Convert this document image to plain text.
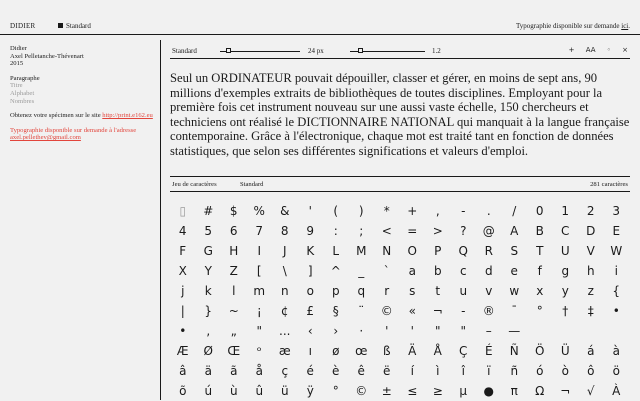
DIDIER	Standard	Typographie disponible sur demande ici.
Didier
Axel Pelletanche-Thévenart
2015
Paragraphe
Titre
Alphabet
Nombres
Obtenez votre spécimen sur le site http://print.e162.eu
Typographie disponible sur demande à l'adresse
axel.pellethev@gmail.com
Standard	24 px	1.2	+ AA ◦ ×
Seul un ORDINATEUR pouvait dépouiller, classer et gérer, en moins de sept ans, 90 millions d'exemples extraits de bibliothèques de toutes disciplines. Employant pour la première fois cet instrument nouveau sur une aussi vaste échelle, 150 chercheurs et techniciens ont réalisé le DICTIONNAIRE NATIONAL qui manquait à la langue française contemporaine. Grâce à l'électronique, chaque mot est traité tant en fonction de données statistiques, que selon ses différentes significations et valeurs d'emploi.
Jeu de caractères	Standard	281 caractères
▯	#	$	%	&	'	(	)	*	+	,	-	.	/	0	1	2	3
4	5	6	7	8	9	:	;	<	=	>	?	@	A	B	C	D	E
F	G	H	I	J	K	L	M	N	O	P	Q	R	S	T	U	V	W
X	Y	Z	[	\	]	^	_	`	a	b	c	d	e	f	g	h	i
j	k	l	m	n	o	p	q	r	s	t	u	v	w	x	y	z	{
|	}	~	¡	¢	£	§	¨	©	«	¬	-	®	¯	°	†	‡	•
•	,	„	"	...	‹	›	·	'	'	"	"	–	—
Æ	Ø	Œ	ᵒ	æ	ı	ø	œ	ß	Ä	Å	Ç	É	Ñ	Ö	Ü	á	à
â	ä	ã	å	ç	é	è	ê	ë	í	ì	î	ï	ñ	ó	ò	ô	ö
õ	ú	ù	û	ü	ÿ	°	©	±	≤	≥	µ	●	π	Ω	¬	√	À
